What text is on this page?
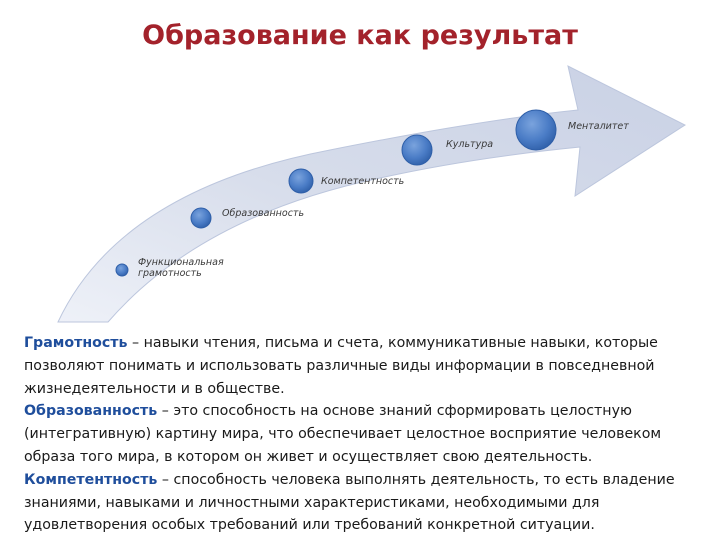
Образование как результат
Функциональная грамотность
Образованность
Компетентность
Культура
Менталитет

Грамотность – навыки чтения, письма и счета, коммуникативные навыки, которые позволяют понимать и использовать различные виды информации в повседневной жизнедеятельности и в обществе.

Образованность – это способность на основе знаний сформировать целостную (интегративную) картину мира, что обеспечивает целостное восприятие человеком образа того мира, в котором он живет и осуществляет свою деятельность.

Компетентность – способность человека выполнять деятельность, то есть владение знаниями, навыками и личностными характеристиками, необходимыми для удовлетворения особых требований или требований конкретной ситуации.
